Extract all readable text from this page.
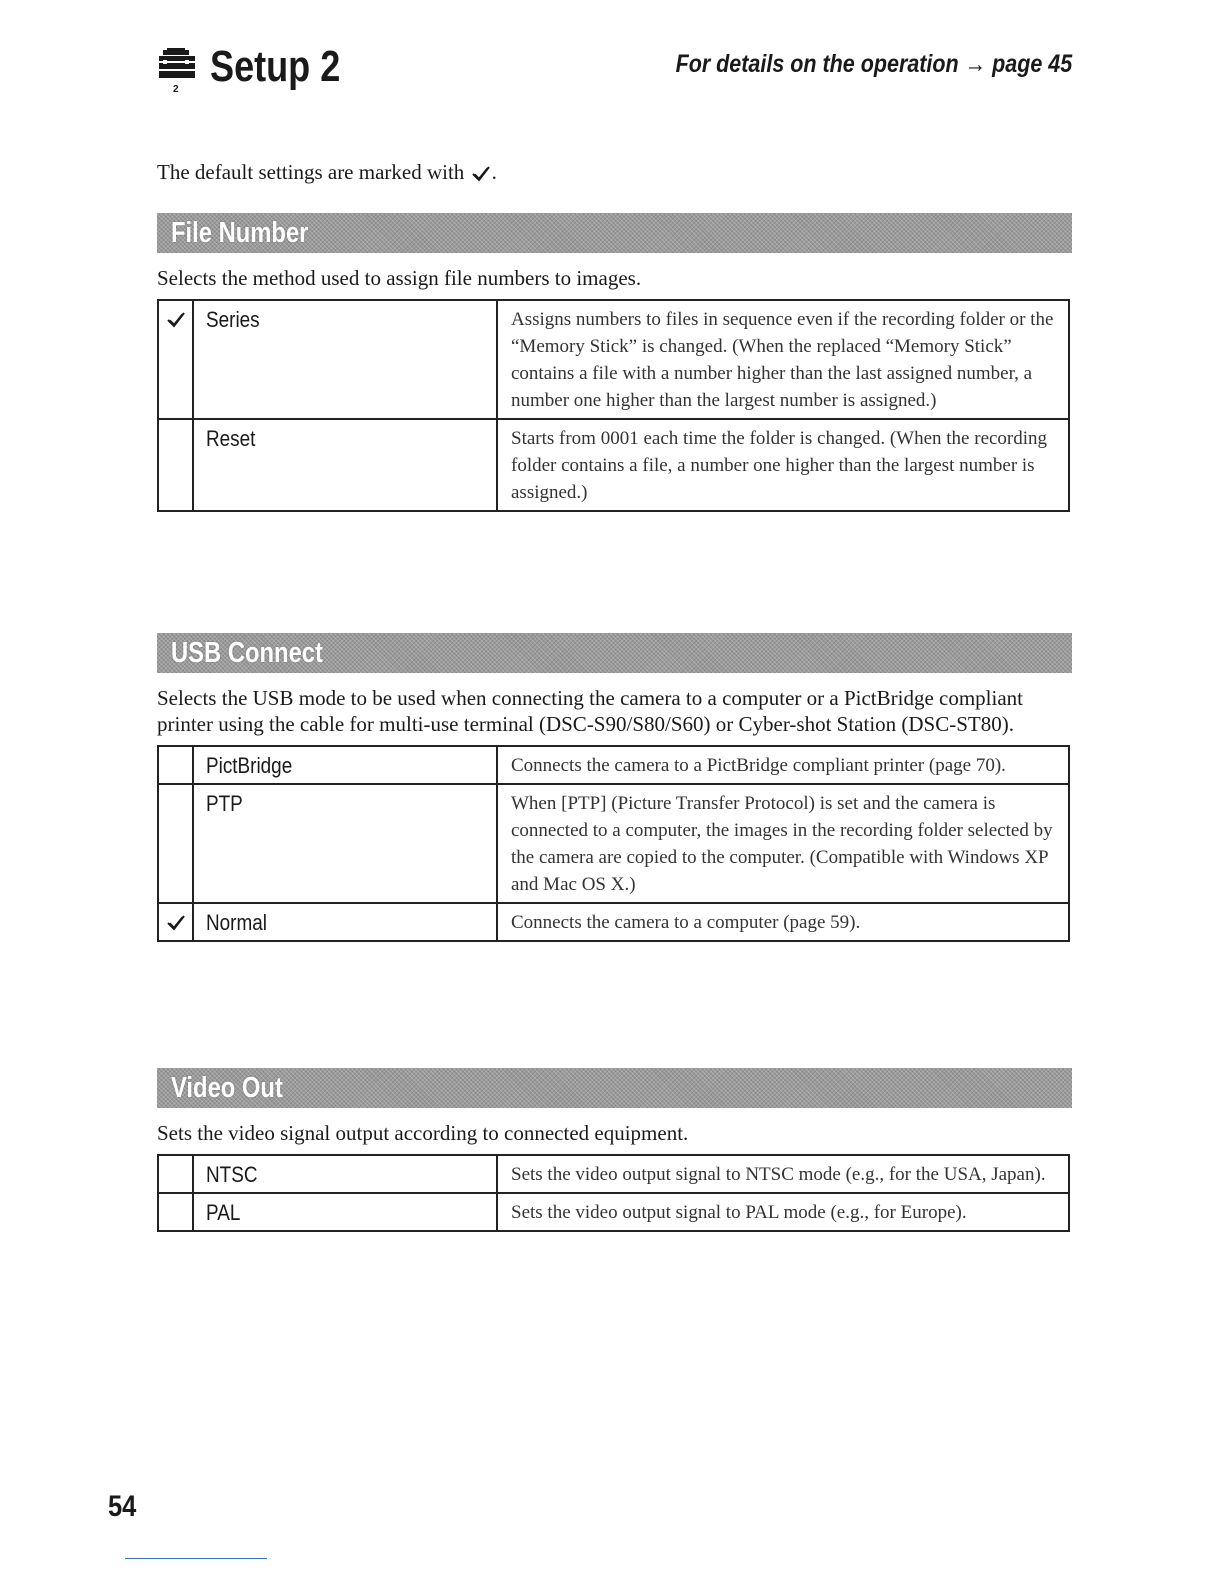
2 Setup 2	For details on the operation → page 45
The default settings are marked with .
File Number
Selects the method used to assign file numbers to images.
	Series	Assigns numbers to files in sequence even if the recording folder or the “Memory Stick” is changed. (When the replaced “Memory Stick” contains a file with a number higher than the last assigned number, a number one higher than the largest number is assigned.)
	Reset	Starts from 0001 each time the folder is changed. (When the recording folder contains a file, a number one higher than the largest number is assigned.)
USB Connect
Selects the USB mode to be used when connecting the camera to a computer or a PictBridge compliant printer using the cable for multi-use terminal (DSC-S90/S80/S60) or Cyber-shot Station (DSC-ST80).
	PictBridge	Connects the camera to a PictBridge compliant printer (page 70).
	PTP	When [PTP] (Picture Transfer Protocol) is set and the camera is connected to a computer, the images in the recording folder selected by the camera are copied to the computer. (Compatible with Windows XP and Mac OS X.)
	Normal	Connects the camera to a computer (page 59).
Video Out
Sets the video signal output according to connected equipment.
	NTSC	Sets the video output signal to NTSC mode (e.g., for the USA, Japan).
	PAL	Sets the video output signal to PAL mode (e.g., for Europe).
54
